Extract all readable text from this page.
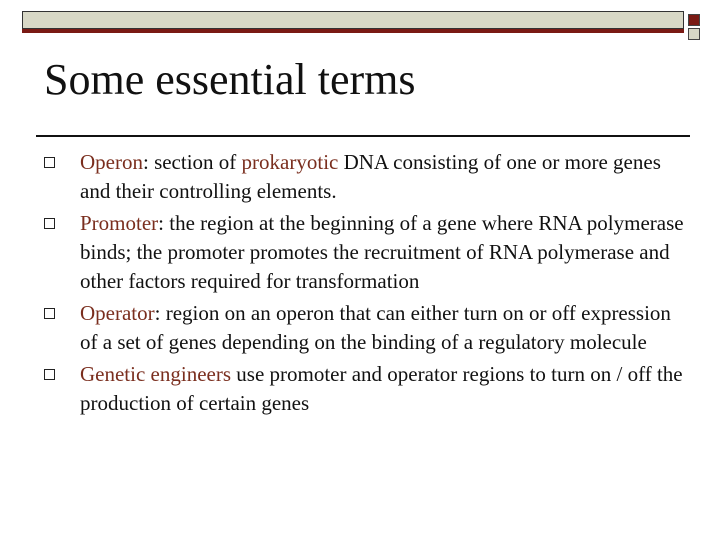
Some essential terms
Operon: section of prokaryotic DNA consisting of one or more genes and their controlling elements.
Promoter: the region at the beginning of a gene where RNA polymerase binds; the promoter promotes the recruitment of RNA polymerase and other factors required for transformation
Operator: region on an operon that can either turn on or off expression of a set of genes depending on the binding of a regulatory molecule
Genetic engineers use promoter and operator regions to turn on / off the production of certain genes
